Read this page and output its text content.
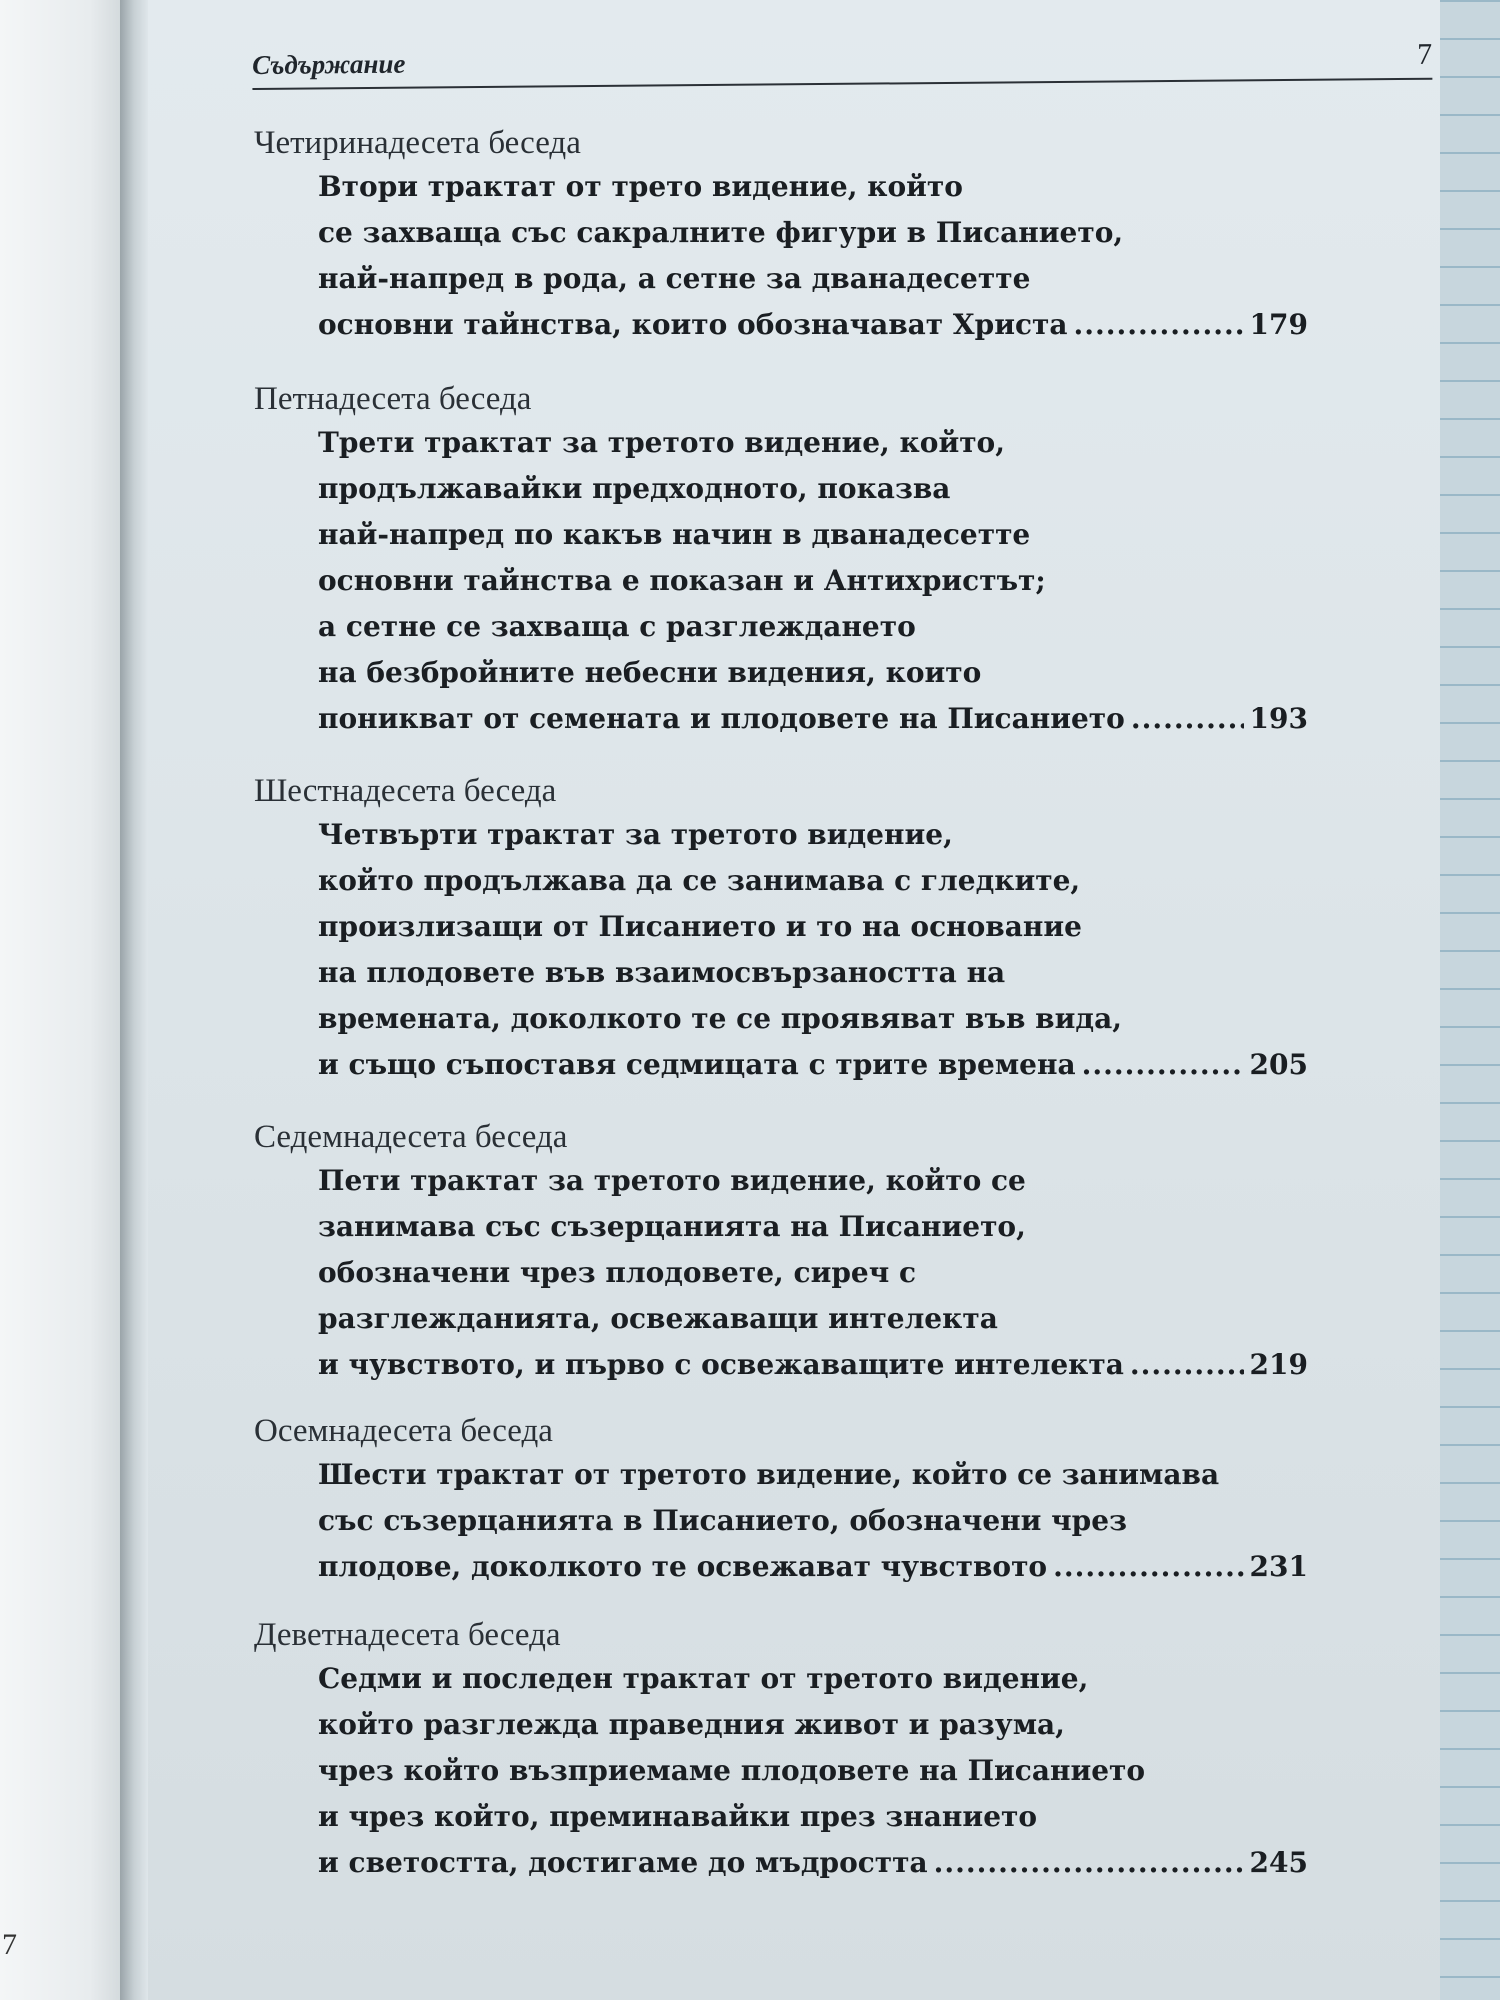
7
Съдържание	7

Четиринадесета беседа

Втори трактат от трето видение, който
се захваща със сакралните фигури в Писанието,
най-напред в рода, а сетне за дванадесетте
основни тайнства, които обозначават Христа .....	179

Петнадесета беседа

Трети трактат за третото видение, който,
продължавайки предходното, показва
най-напред по какъв начин в дванадесетте
основни тайнства е показан и Антихристът;
а сетне се захваща с разглеждането
на безбройните небесни видения, които
поникват от семената и плодовете на Писанието .....	193

Шестнадесета беседа

Четвърти трактат за третото видение,
който продължава да се занимава с гледките,
произлизащи от Писанието и то на основание
на плодовете във взаимосвързаността на
времената, доколкото те се проявяват във вида,
и също съпоставя седмицата с трите времена .....	205

Седемнадесета беседа

Пети трактат за третото видение, който се
занимава със съзерцанията на Писанието,
обозначени чрез плодовете, сиреч с
разглежданията, освежаващи интелекта
и чувството, и първо с освежаващите интелекта .....	219

Осемнадесета беседа

Шести трактат от третото видение, който се занимава
със съзерцанията в Писанието, обозначени чрез
плодове, доколкото те освежават чувството .....	231

Деветнадесета беседа

Седми и последен трактат от третото видение,
който разглежда праведния живот и разума,
чрез който възприемаме плодовете на Писанието
и чрез който, преминавайки през знанието
и светостта, достигаме до мъдростта .....	245
